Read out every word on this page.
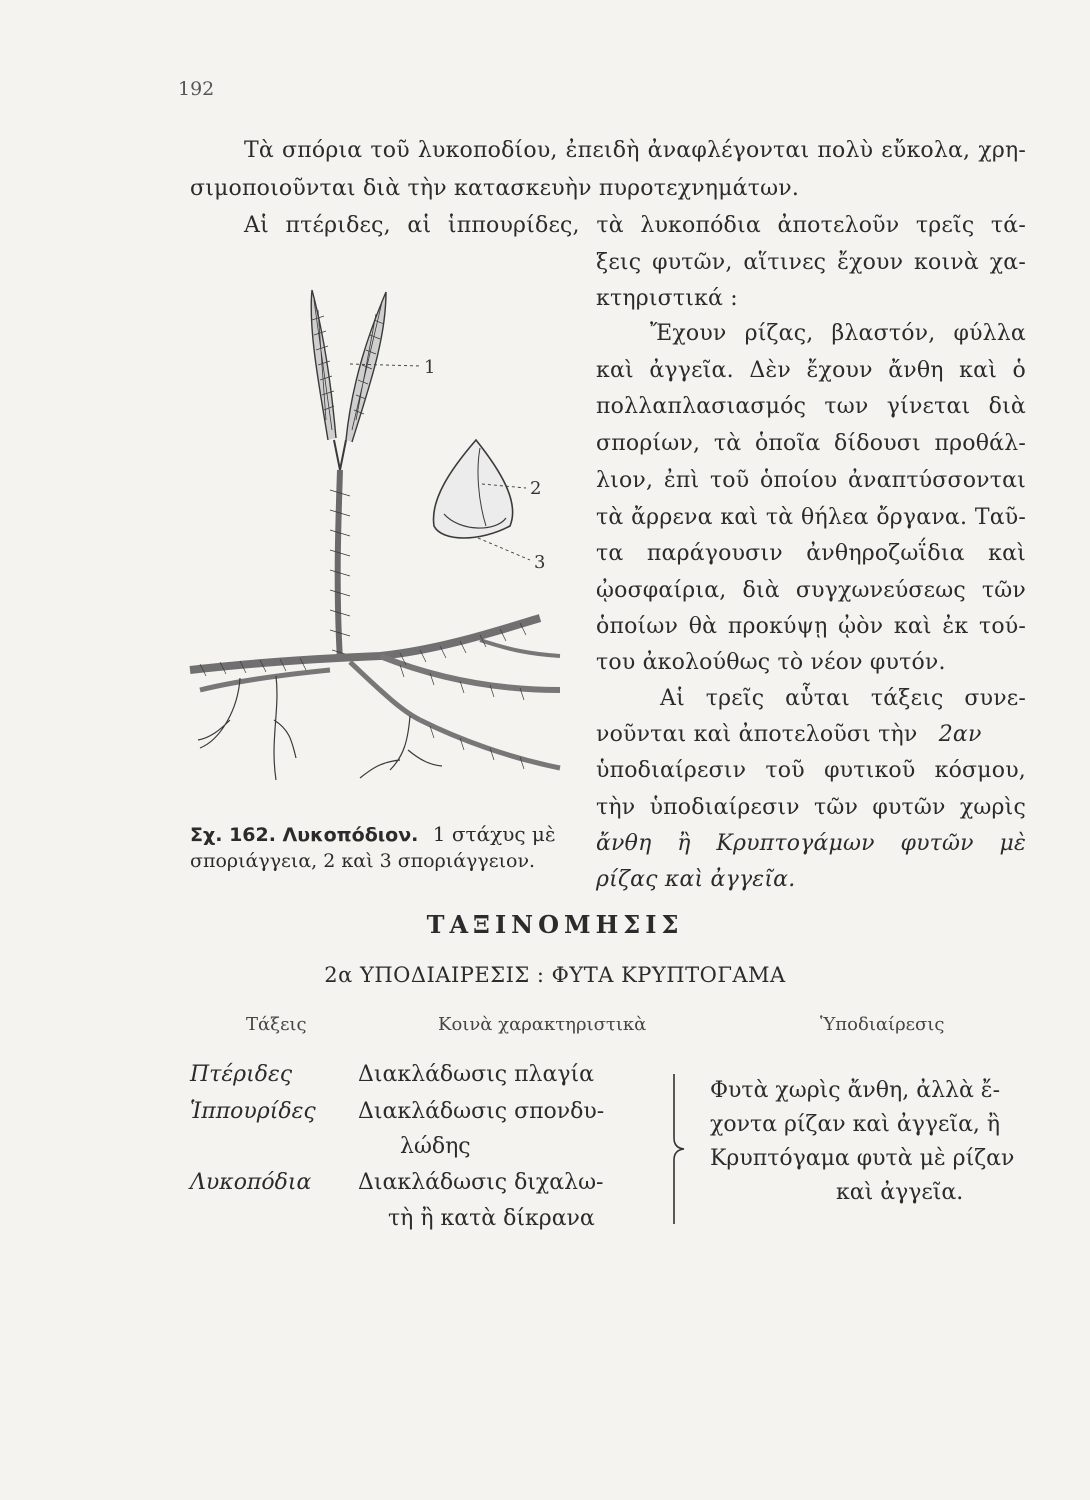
192
Τὰ σπόρια τοῦ λυκοποδίου, ἐπειδὴ ἀναφλέγονται πολὺ εὔκολα, χρη-
σιμοποιοῦνται διὰ τὴν κατασκευὴν πυροτεχνημάτων.
Αἱ πτέριδες, αἱ ἱππουρίδες, τὰ λυκοπόδια ἀποτελοῦν τρεῖς τά-
ξεις φυτῶν, αἵτινες ἔχουν κοινὰ χα-
κτηριστικά :
Ἔχουν ρίζας, βλαστόν, φύλλα
καὶ ἀγγεῖα. Δὲν ἔχουν ἄνθη καὶ ὁ
πολλαπλασιασμός των γίνεται διὰ
σπορίων, τὰ ὁποῖα δίδουσι προθάλ-
λιον, ἐπὶ τοῦ ὁποίου ἀναπτύσσονται
τὰ ἄρρενα καὶ τὰ θήλεα ὄργανα. Ταῦ-
τα παράγουσιν ἀνθηροζωΐδια καὶ
ᾠοσφαίρια, διὰ συγχωνεύσεως τῶν
ὁποίων θὰ προκύψῃ ᾠὸν καὶ ἐκ τού-
του ἀκολούθως τὸ νέον φυτόν.
Αἱ τρεῖς αὗται τάξεις συνε-
νοῦνται καὶ ἀποτελοῦσι τὴν 2αν
ὑποδιαίρεσιν τοῦ φυτικοῦ κόσμου,
τὴν ὑποδιαίρεσιν τῶν φυτῶν χωρὶς
ἄνθη ἢ Κρυπτογάμων φυτῶν μὲ
ρίζας καὶ ἀγγεῖα.
1
2
3
Σχ. 162. Λυκοπόδιον. 1 στάχυς μὲ
σποριάγγεια, 2 καὶ 3 σποριάγγειον.
ΤΑΞΙΝΟΜΗΣΙΣ
2α ΥΠΟΔΙΑΙΡΕΣΙΣ : ΦΥΤΑ ΚΡΥΠΤΟΓΑΜΑ
Τάξεις	Κοινὰ χαρακτηριστικὰ	Ὑποδιαίρεσις
Πτέριδες	Διακλάδωσις πλαγία
Ἱππουρίδες Διακλάδωσις σπονδυ-
λώδης
Λυκοπόδια Διακλάδωσις διχαλω-
τὴ ἢ κατὰ δίκρανα
Φυτὰ χωρὶς ἄνθη, ἀλλὰ ἔ-
χοντα ρίζαν καὶ ἀγγεῖα, ἢ
Κρυπτόγαμα φυτὰ μὲ ρίζαν
καὶ ἀγγεῖα.
